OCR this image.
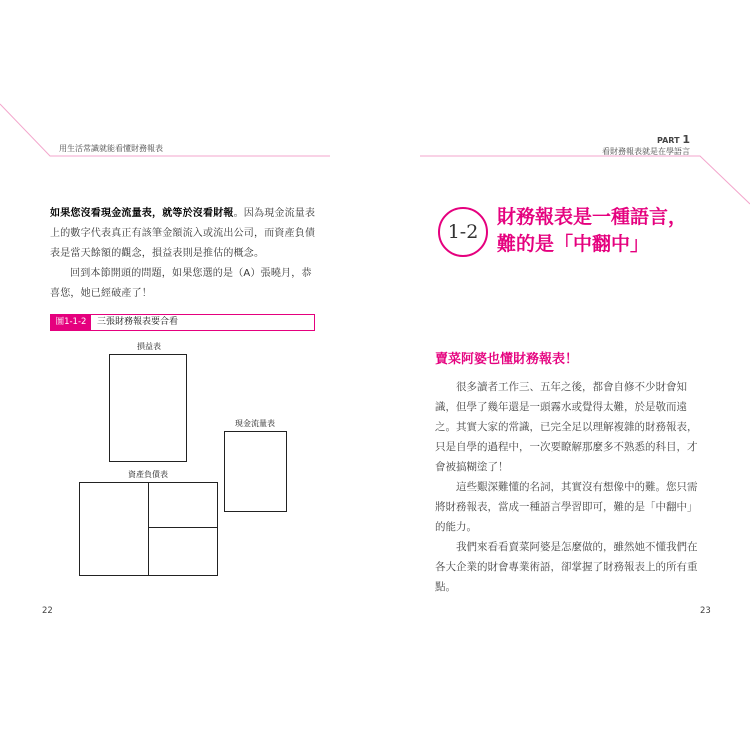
用生活常識就能看懂財務報表
如果您沒看現金流量表，就等於沒看財報。因為現金流量表上的數字代表真正有該筆金額流入或流出公司，而資產負債表是當天餘額的觀念，損益表則是推估的概念。
回到本節開頭的問題，如果您選的是（A）張曉月，恭喜您，她已經破產了！
圖1-1-2	三張財務報表要合看
損益表
現金流量表
資產負債表
22
PART 1
看財務報表就是在學語言
1-2
財務報表是一種語言，
難的是「中翻中」
賣菜阿婆也懂財務報表！

很多讀者工作三、五年之後，都會自修不少財會知識，但學了幾年還是一頭霧水或覺得太難，於是敬而遠之。其實大家的常識，已完全足以理解複雜的財務報表，只是自學的過程中，一次要瞭解那麼多不熟悉的科目，才會被搞糊塗了！

這些艱深難懂的名詞，其實沒有想像中的難。您只需將財務報表，當成一種語言學習即可，難的是「中翻中」的能力。

我們來看看賣菜阿婆是怎麼做的，雖然她不懂我們在各大企業的財會專業術語，卻掌握了財務報表上的所有重點。

23
